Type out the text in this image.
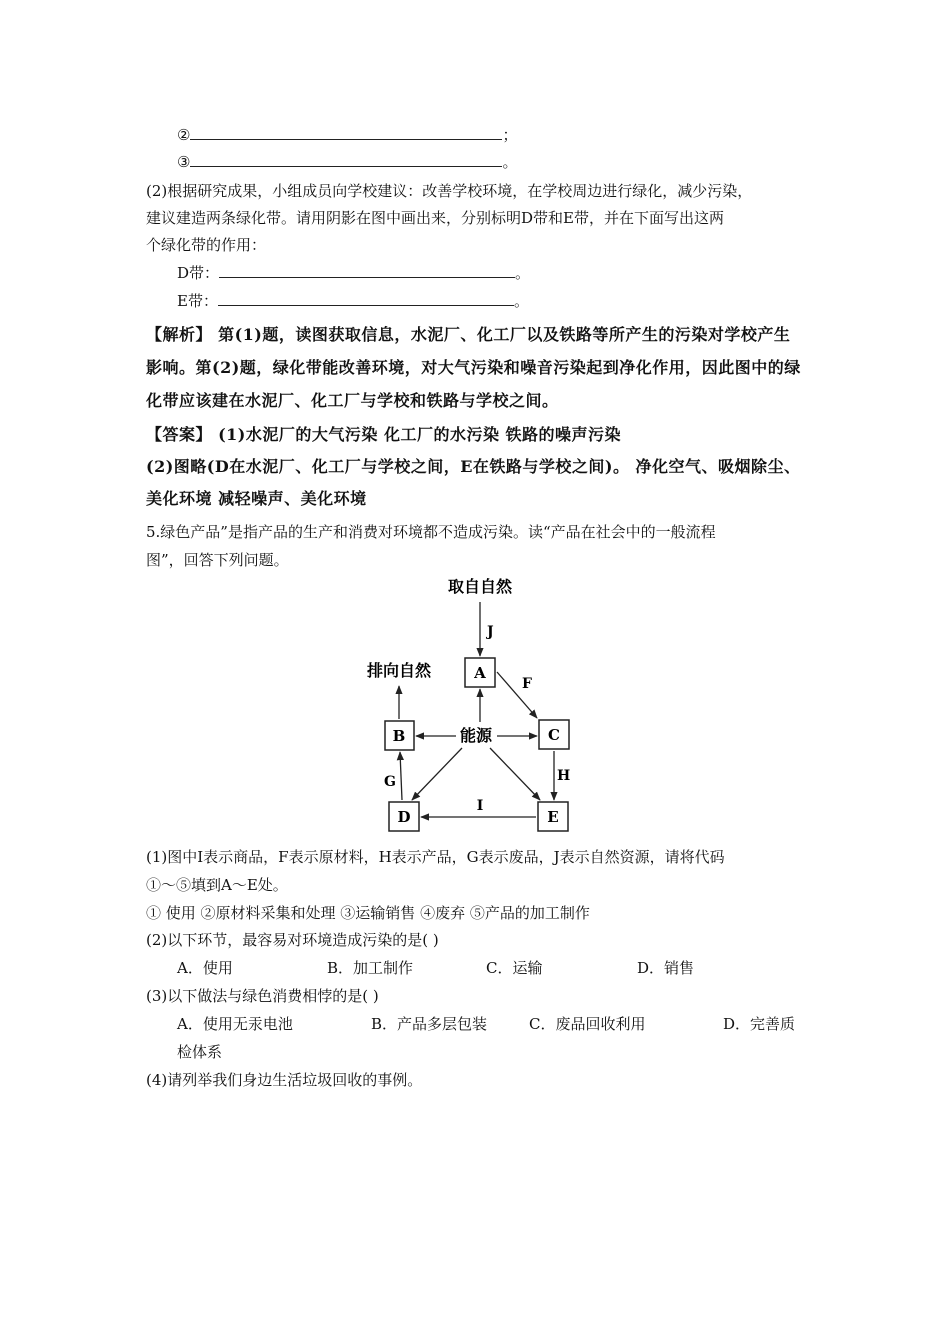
②	；
③	。
(2)根据研究成果，小组成员向学校建议：改善学校环境，在学校周边进行绿化，减少污染，
建议建造两条绿化带。请用阴影在图中画出来，分别标明D带和E带，并在下面写出这两
个绿化带的作用：
D带：	。
E带：	。
【解析】 第(1)题，读图获取信息，水泥厂、化工厂以及铁路等所产生的污染对学校产生
影响。第(2)题，绿化带能改善环境，对大气污染和噪音污染起到净化作用，因此图中的绿
化带应该建在水泥厂、化工厂与学校和铁路与学校之间。
【答案】 (1)水泥厂的大气污染 化工厂的水污染 铁路的噪声污染
(2)图略(D在水泥厂、化工厂与学校之间，E在铁路与学校之间)。 净化空气、吸烟除尘、
美化环境 减轻噪声、美化环境
5.绿色产品”是指产品的生产和消费对环境都不造成污染。读“产品在社会中的一般流程
图”，回答下列问题。
取自自然
排向自然
能源
A
B	C
D	E
J
F
H
I
G
(1)图中Ⅰ表示商品，F表示原材料，H表示产品，G表示废品，J表示自然资源，请将代码
①～⑤填到A～E处。
① 使用 ②原材料采集和处理 ③运输销售 ④废弃 ⑤产品的加工制作
(2)以下环节，最容易对环境造成污染的是( )
A．使用	B．加工制作	C．运输	D．销售
(3)以下做法与绿色消费相悖的是( )
A．使用无汞电池	B．产品多层包装	C．废品回收利用	D．完善质
检体系
(4)请列举我们身边生活垃圾回收的事例。
